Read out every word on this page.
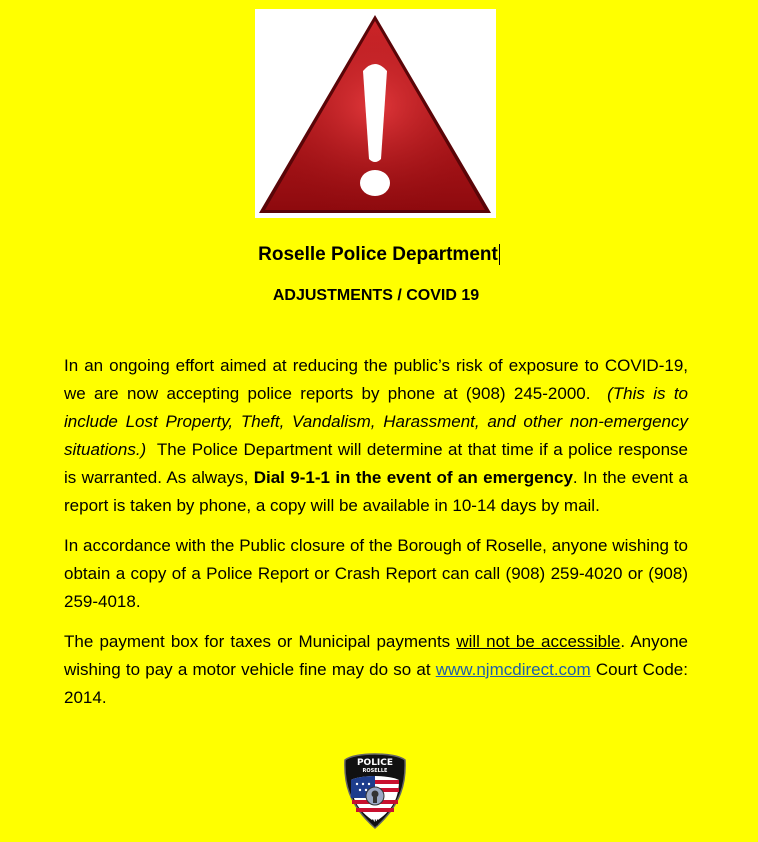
Roselle Police Department
ADJUSTMENTS / COVID 19

In an ongoing effort aimed at reducing the public’s risk of exposure to COVID-19, we are now accepting police reports by phone at (908) 245-2000. (This is to include Lost Property, Theft, Vandalism, Harassment, and other non-emergency situations.) The Police Department will determine at that time if a police response is warranted. As always, Dial 9-1-1 in the event of an emergency. In the event a report is taken by phone, a copy will be available in 10-14 days by mail.

In accordance with the Public closure of the Borough of Roselle, anyone wishing to obtain a copy of a Police Report or Crash Report can call (908) 259-4020 or (908) 259-4018.

The payment box for taxes or Municipal payments will not be accessible. Anyone wishing to pay a motor vehicle fine may do so at www.njmcdirect.com Court Code: 2014.

POLICE
ROSELLE
NJ
